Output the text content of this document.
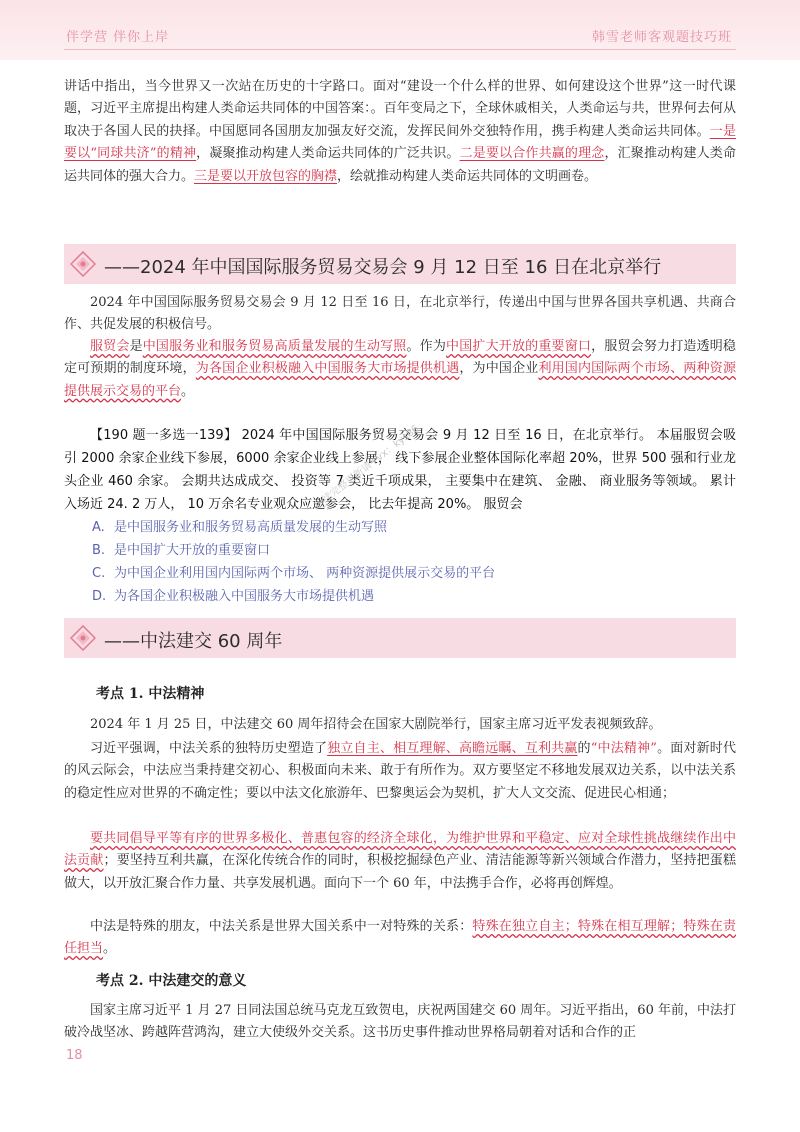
伴学营 伴你上岸	韩雪老师客观题技巧班

讲话中指出，当今世界又一次站在历史的十字路口。面对“建设一个什么样的世界、如何建设这个世界”这一时代课题，习近平主席提出构建人类命运共同体的中国答案：。百年变局之下，全球休戚相关，人类命运与共，世界何去何从取决于各国人民的抉择。中国愿同各国朋友加强友好交流，发挥民间外交独特作用，携手构建人类命运共同体。一是要以“同球共济”的精神，凝聚推动构建人类命运共同体的广泛共识。二是要以合作共赢的理念，汇聚推动构建人类命运共同体的强大合力。三是要以开放包容的胸襟，绘就推动构建人类命运共同体的文明画卷。

——2024 年中国国际服务贸易交易会 9 月 12 日至 16 日在北京举行

2024 年中国国际服务贸易交易会 9 月 12 日至 16 日，在北京举行，传递出中国与世界各国共享机遇、共商合作、共促发展的积极信号。

服贸会是中国服务业和服务贸易高质量发展的生动写照。作为中国扩大开放的重要窗口，服贸会努力打造透明稳定可预期的制度环境，为各国企业积极融入中国服务大市场提供机遇，为中国企业利用国内国际两个市场、两种资源提供展示交易的平台。

【190 题一多选一139】 2024 年中国国际服务贸易交易会 9 月 12 日至 16 日，在北京举行。 本届服贸会吸引 2000 余家企业线下参展，6000 余家企业线上参展， 线下参展企业整体国际化率超 20%，世界 500 强和行业龙头企业 460 余家。 会期共达成成交、 投资等 7 类近千项成果， 主要集中在建筑、 金融、 商业服务等领域。 累计入场近 24. 2 万人， 10 万余名专业观众应邀参会， 比去年提高 20%。 服贸会

A. 是中国服务业和服务贸易高质量发展的生动写照

B. 是中国扩大开放的重要窗口

C. 为中国企业利用国内国际两个市场、 两种资源提供展示交易的平台

D. 为各国企业积极融入中国服务大市场提供机遇

后续完整更新请+vx：kys86
——中法建交 60 周年
考点 1. 中法精神

2024 年 1 月 25 日，中法建交 60 周年招待会在国家大剧院举行，国家主席习近平发表视频致辞。

习近平强调，中法关系的独特历史塑造了独立自主、相互理解、高瞻远瞩、互利共赢的“中法精神”。面对新时代的风云际会，中法应当秉持建交初心、积极面向未来、敢于有所作为。双方要坚定不移地发展双边关系，以中法关系的稳定性应对世界的不确定性；要以中法文化旅游年、巴黎奥运会为契机，扩大人文交流、促进民心相通；

要共同倡导平等有序的世界多极化、普惠包容的经济全球化，为维护世界和平稳定、应对全球性挑战继续作出中法贡献；要坚持互利共赢，在深化传统合作的同时，积极挖掘绿色产业、清洁能源等新兴领域合作潜力，坚持把蛋糕做大，以开放汇聚合作力量、共享发展机遇。面向下一个 60 年，中法携手合作，必将再创辉煌。

中法是特殊的朋友，中法关系是世界大国关系中一对特殊的关系：特殊在独立自主；特殊在相互理解；特殊在责任担当。

考点 2. 中法建交的意义

国家主席习近平 1 月 27 日同法国总统马克龙互致贺电，庆祝两国建交 60 周年。习近平指出，60 年前，中法打破冷战坚冰、跨越阵营鸿沟，建立大使级外交关系。这书历史事件推动世界格局朝着对话和合作的正

18
